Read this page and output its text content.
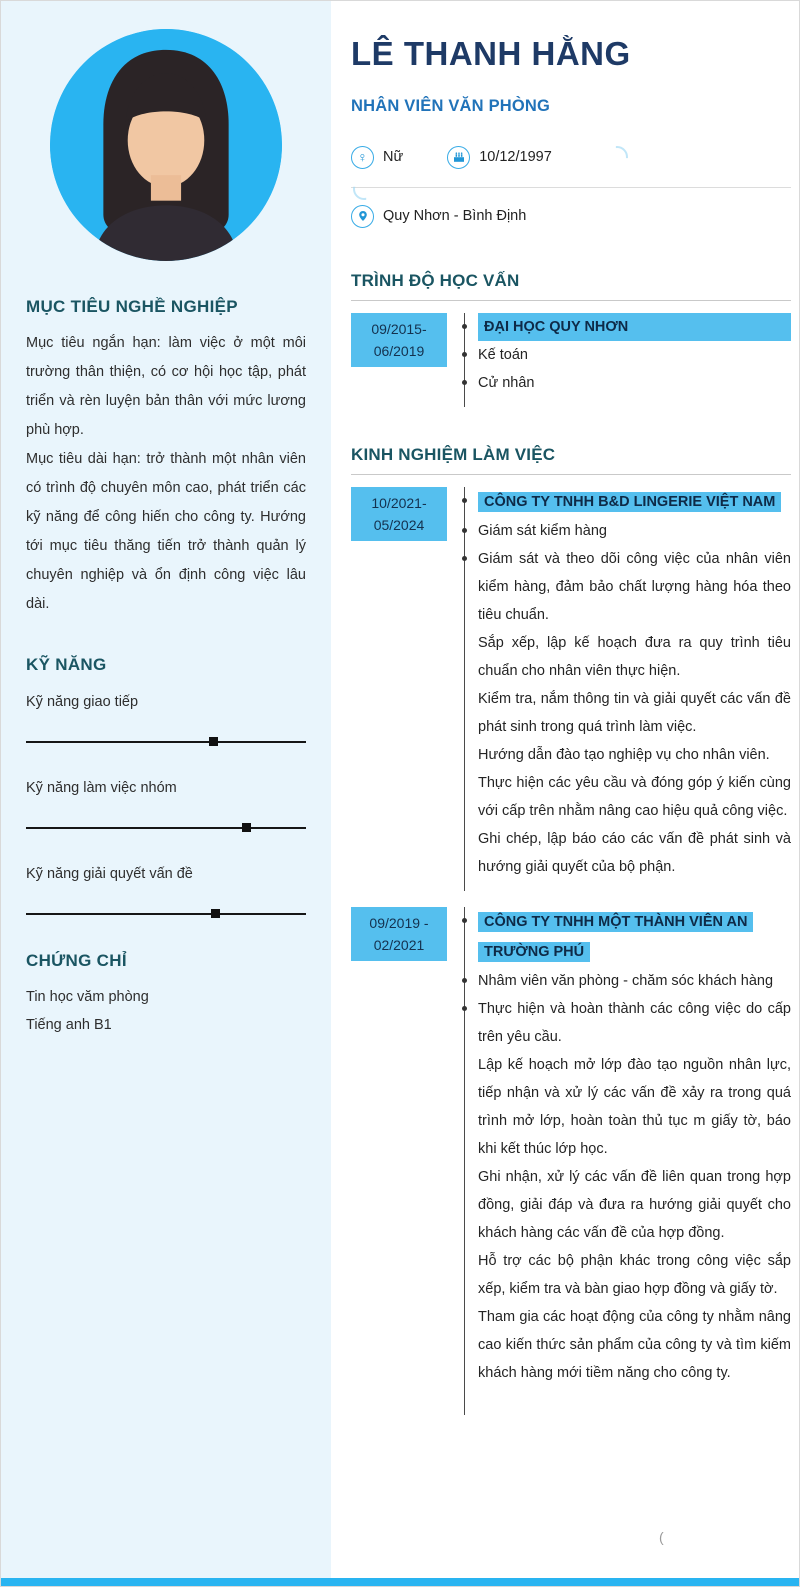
MỤC TIÊU NGHỀ NGHIỆP
Mục tiêu ngắn hạn: làm việc ở một môi trường thân thiện, có cơ hội học tập, phát triển và rèn luyện bản thân với mức lương phù hợp.
Mục tiêu dài hạn: trở thành một nhân viên có trình độ chuyên môn cao, phát triển các kỹ năng để công hiến cho công ty. Hướng tới mục tiêu thăng tiến trở thành quản lý chuyên nghiệp và ổn định công việc lâu dài.
KỸ NĂNG
Kỹ năng giao tiếp
Kỹ năng làm việc nhóm
Kỹ năng giải quyết vấn đề
CHỨNG CHỈ
Tin học văm phòng
Tiếng anh B1
LÊ THANH HẰNG
NHÂN VIÊN VĂN PHÒNG
♀ Nữ	10/12/1997
Quy Nhơn - Bình Định
TRÌNH ĐỘ HỌC VẤN
09/2015-
06/2019
ĐẠI HỌC QUY NHƠN
Kế toán
Cử nhân
KINH NGHIỆM LÀM VIỆC
10/2021-
05/2024
CÔNG TY TNHH B&D LINGERIE VIỆT NAM
Giám sát kiểm hàng
Giám sát và theo dõi công việc của nhân viên kiểm hàng, đảm bảo chất lượng hàng hóa theo tiêu chuẩn.
Sắp xếp, lập kế hoạch đưa ra quy trình tiêu chuẩn cho nhân viên thực hiện.
Kiểm tra, nắm thông tin và giải quyết các vấn đề phát sinh trong quá trình làm việc.
Hướng dẫn đào tạo nghiệp vụ cho nhân viên.
Thực hiện các yêu cầu và đóng góp ý kiến cùng với cấp trên nhằm nâng cao hiệu quả công việc.
Ghi chép, lập báo cáo các vấn đề phát sinh và hướng giải quyết của bộ phận.
09/2019 -
02/2021
CÔNG TY TNHH MỘT THÀNH VIÊN AN TRƯỜNG PHÚ
Nhâm viên văn phòng - chăm sóc khách hàng
Thực hiện và hoàn thành các công việc do cấp trên yêu cầu.
Lập kế hoạch mở lớp đào tạo nguồn nhân lực, tiếp nhận và xử lý các vấn đề xảy ra trong quá trình mở lớp, hoàn toàn thủ tục m giấy tờ, báo khi kết thúc lớp học.
Ghi nhận, xử lý các vấn đề liên quan trong hợp đồng, giải đáp và đưa ra hướng giải quyết cho khách hàng các vấn đề của hợp đồng.
Hỗ trợ các bộ phận khác trong công việc sắp xếp, kiểm tra và bàn giao hợp đồng và giấy tờ.
Tham gia các hoạt động của công ty nhằm nâng cao kiến thức sản phẩm của công ty và tìm kiếm khách hàng mới tiềm năng cho công ty.
(
